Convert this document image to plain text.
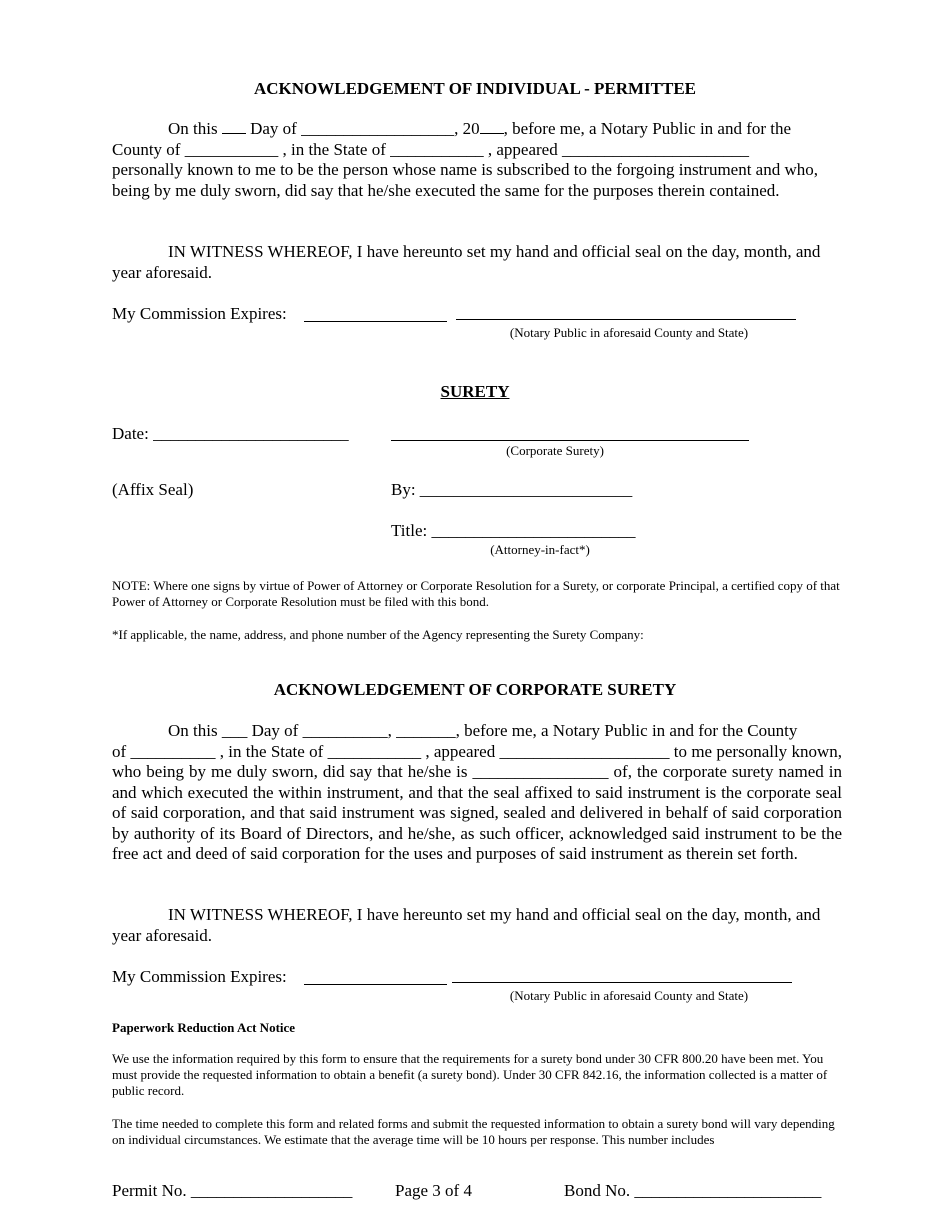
ACKNOWLEDGEMENT OF INDIVIDUAL - PERMITTEE
On this Day of __________________, 20 , before me, a Notary Public in and for the
County of ___________ , in the State of ___________ , appeared ______________________
personally known to me to be the person whose name is subscribed to the forgoing instrument and who, being by me duly sworn, did say that he/she executed the same for the purposes therein contained.
IN WITNESS WHEREOF, I have hereunto set my hand and official seal on the day, month, and year aforesaid.
My Commission Expires:
(Notary Public in aforesaid County and State)
SURETY
Date: _______________________
(Corporate Surety)
(Affix Seal)	By: _________________________
Title: ________________________
(Attorney-in-fact*)
NOTE: Where one signs by virtue of Power of Attorney or Corporate Resolution for a Surety, or corporate Principal, a certified copy of that Power of Attorney or Corporate Resolution must be filed with this bond.
*If applicable, the name, address, and phone number of the Agency representing the Surety Company:
ACKNOWLEDGEMENT OF CORPORATE SURETY
On this ___ Day of __________, _______, before me, a Notary Public in and for the County
of __________ , in the State of ___________ , appeared ____________________ to me personally known, who being by me duly sworn, did say that he/she is ________________ of, the corporate surety named in and which executed the within instrument, and that the seal affixed to said instrument is the corporate seal of said corporation, and that said instrument was signed, sealed and delivered in behalf of said corporation by authority of its Board of Directors, and he/she, as such officer, acknowledged said instrument to be the free act and deed of said corporation for the uses and purposes of said instrument as therein set forth.
IN WITNESS WHEREOF, I have hereunto set my hand and official seal on the day, month, and year aforesaid.
My Commission Expires:
(Notary Public in aforesaid County and State)
Paperwork Reduction Act Notice
We use the information required by this form to ensure that the requirements for a surety bond under 30 CFR 800.20 have been met. You must provide the requested information to obtain a benefit (a surety bond). Under 30 CFR 842.16, the information collected is a matter of public record.
The time needed to complete this form and related forms and submit the requested information to obtain a surety bond will vary depending on individual circumstances. We estimate that the average time will be 10 hours per response. This number includes
Permit No. ___________________	Page 3 of 4	Bond No. ______________________
